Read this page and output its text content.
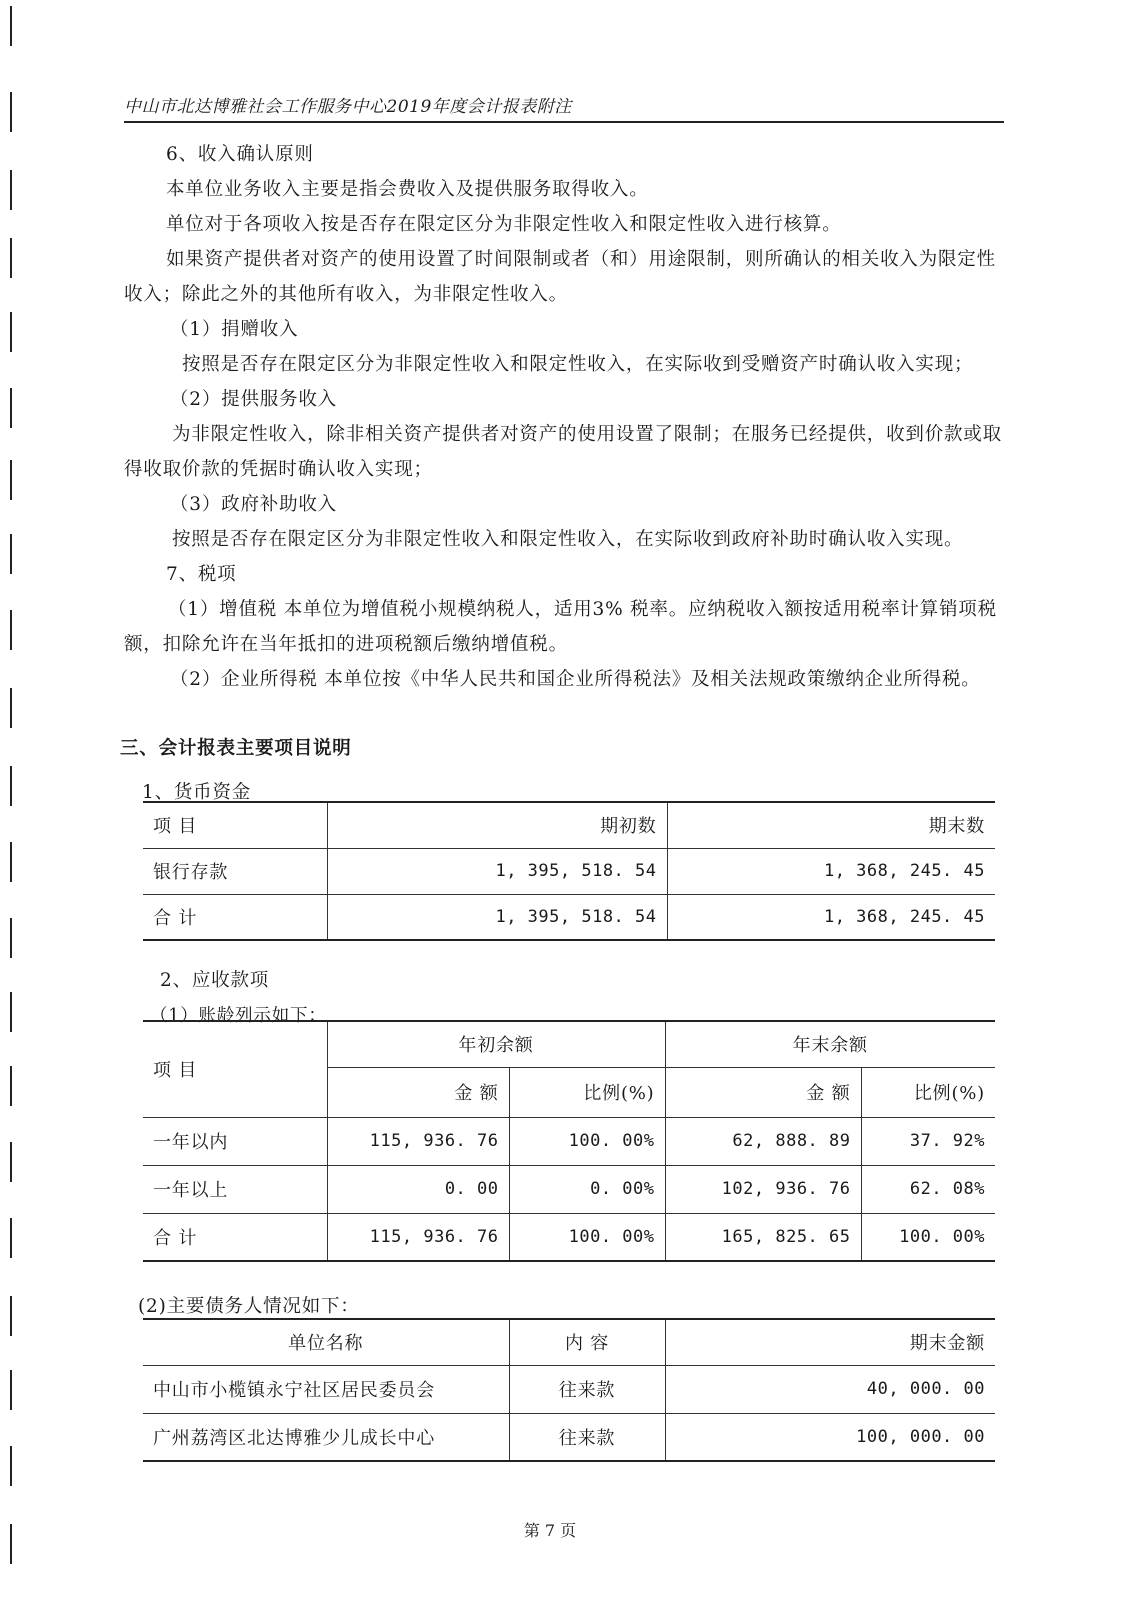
中山市北达博雅社会工作服务中心2019年度会计报表附注

6、收入确认原则

本单位业务收入主要是指会费收入及提供服务取得收入。

单位对于各项收入按是否存在限定区分为非限定性收入和限定性收入进行核算。

如果资产提供者对资产的使用设置了时间限制或者（和）用途限制，则所确认的相关收入为限定性收入；除此之外的其他所有收入，为非限定性收入。

（1）捐赠收入

按照是否存在限定区分为非限定性收入和限定性收入，在实际收到受赠资产时确认收入实现；

（2）提供服务收入

为非限定性收入，除非相关资产提供者对资产的使用设置了限制；在服务已经提供，收到价款或取得收取价款的凭据时确认收入实现；

（3）政府补助收入

按照是否存在限定区分为非限定性收入和限定性收入，在实际收到政府补助时确认收入实现。

7、税项

（1）增值税 本单位为增值税小规模纳税人，适用3% 税率。应纳税收入额按适用税率计算销项税额，扣除允许在当年抵扣的进项税额后缴纳增值税。

（2）企业所得税 本单位按《中华人民共和国企业所得税法》及相关法规政策缴纳企业所得税。

三、会计报表主要项目说明
1、货币资金
项 目	期初数	期末数
银行存款	1, 395, 518. 54	1, 368, 245. 45
合 计	1, 395, 518. 54	1, 368, 245. 45
2、应收款项
（1）账龄列示如下：
项 目	年初余额		年末余额	
	金 额	比例(%)	金 额	比例(%)
一年以内	115, 936. 76	100. 00%	62, 888. 89	37. 92%
一年以上	0. 00	0. 00%	102, 936. 76	62. 08%
合 计	115, 936. 76	100. 00%	165, 825. 65	100. 00%
(2)主要债务人情况如下：
单位名称	内 容	期末金额
中山市小榄镇永宁社区居民委员会	往来款	40, 000. 00
广州荔湾区北达博雅少儿成长中心	往来款	100, 000. 00
第 7 页
